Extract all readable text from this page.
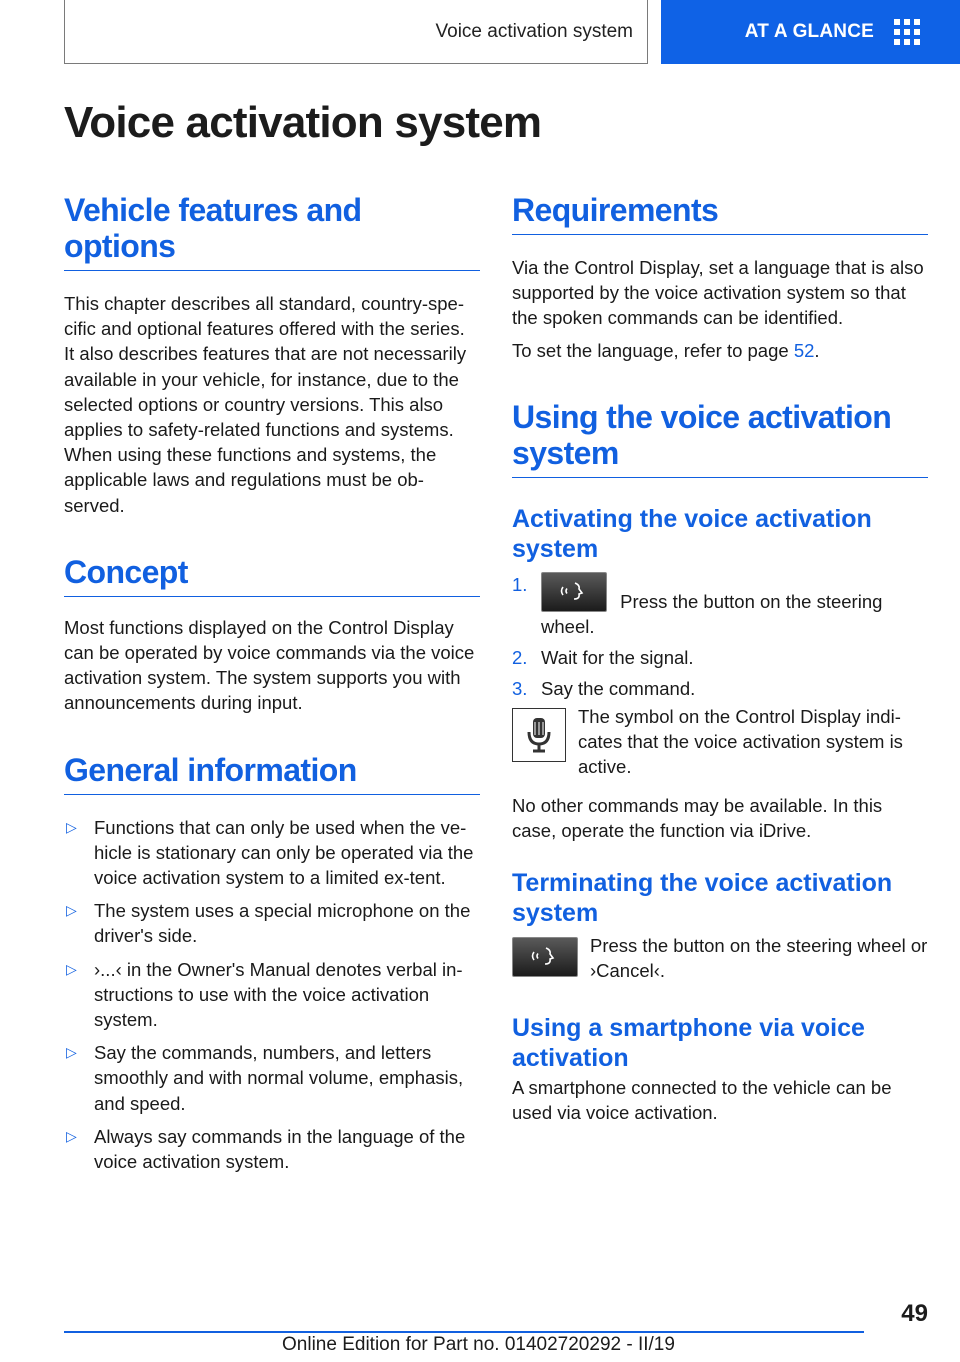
Voice activation system	AT A GLANCE
Voice activation system
Vehicle features and options

This chapter describes all standard, country-spe-cific and optional features offered with the series. It also describes features that are not necessarily available in your vehicle, for instance, due to the selected options or country versions. This also applies to safety-related functions and systems. When using these functions and systems, the applicable laws and regulations must be ob-served.

Concept

Most functions displayed on the Control Display can be operated by voice commands via the voice activation system. The system supports you with announcements during input.

General information
▷ Functions that can only be used when the ve-hicle is stationary can only be operated via the voice activation system to a limited ex-tent.
▷ The system uses a special microphone on the driver's side.
▷ ›...‹ in the Owner's Manual denotes verbal in-structions to use with the voice activation system.
▷ Say the commands, numbers, and letters smoothly and with normal volume, emphasis, and speed.
▷ Always say commands in the language of the voice activation system.
Requirements

Via the Control Display, set a language that is also supported by the voice activation system so that the spoken commands can be identified.

To set the language, refer to page 52.

Using the voice activation system
Activating the voice activation system
1.
Press the button on the steering wheel.
2. Wait for the signal.
3. Say the command.

The symbol on the Control Display indi-cates that the voice activation system is active.

No other commands may be available. In this case, operate the function via iDrive.

Terminating the voice activation system

Press the button on the steering wheel or ›Cancel‹.

Using a smartphone via voice activation

A smartphone connected to the vehicle can be used via voice activation.

49
Online Edition for Part no. 01402720292 - II/19
